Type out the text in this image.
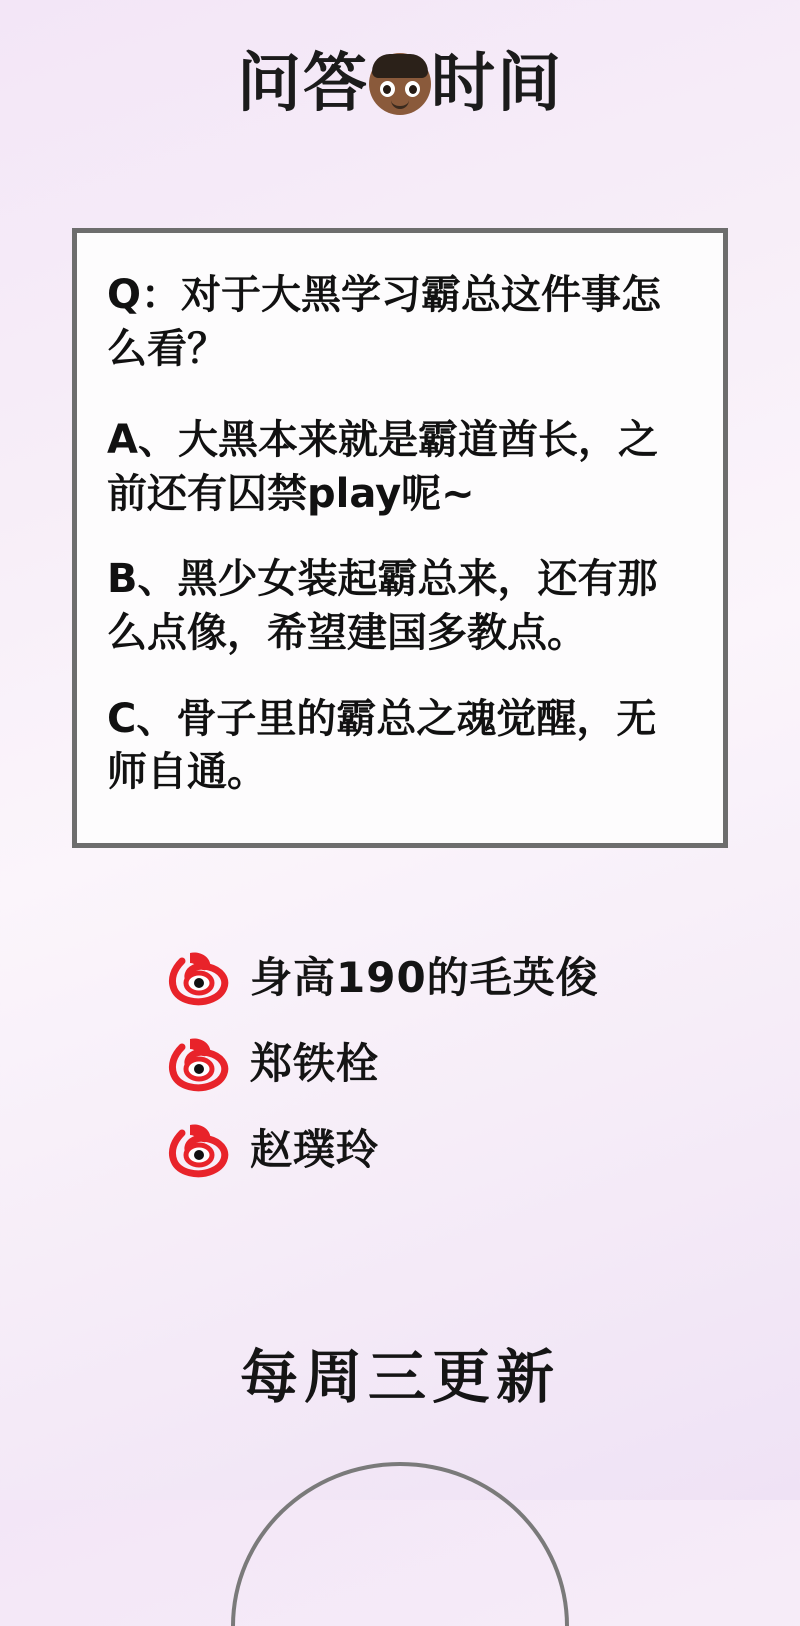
问答 时间

Q：对于大黑学习霸总这件事怎么看？

A、大黑本来就是霸道酋长，之前还有囚禁play呢~

B、黑少女装起霸总来，还有那么点像，希望建国多教点。

C、骨子里的霸总之魂觉醒，无师自通。

身高190的毛英俊
郑铁栓
赵璞玲
每周三更新
